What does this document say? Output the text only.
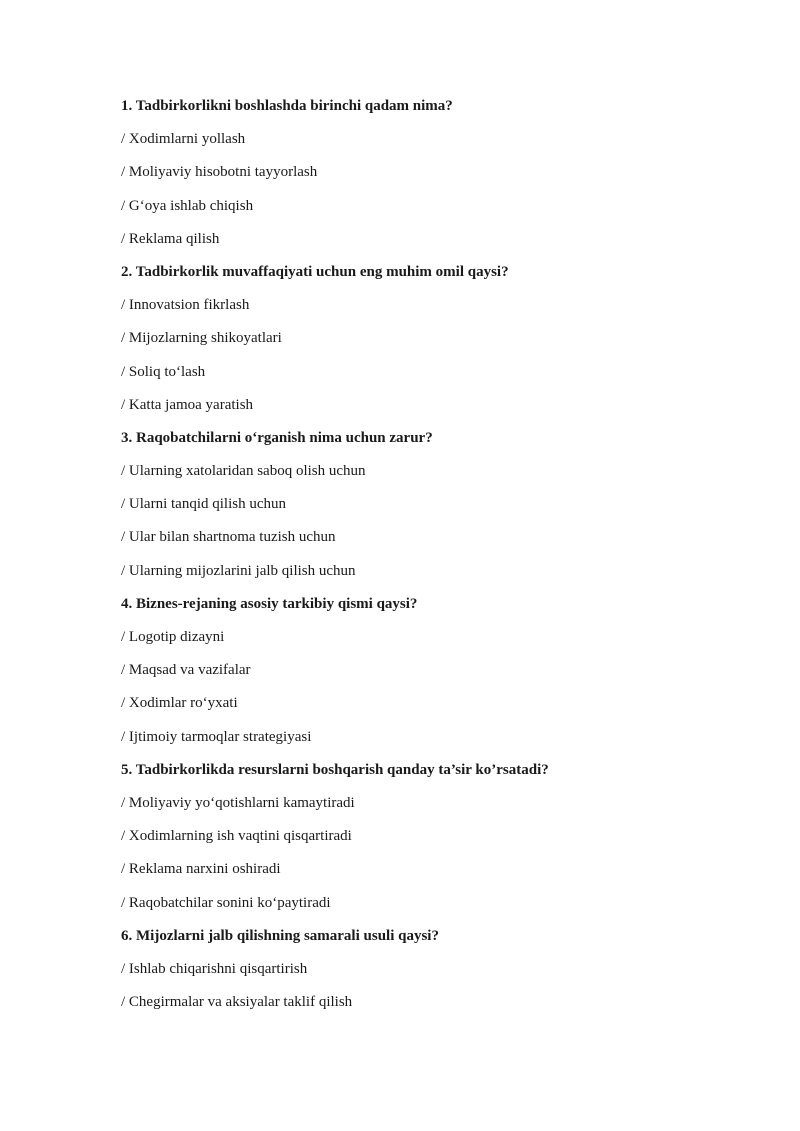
1. Tadbirkorlikni boshlashda birinchi qadam nima?
/ Xodimlarni yollash
/ Moliyaviy hisobotni tayyorlash
/ G‘oya ishlab chiqish
/ Reklama qilish
2. Tadbirkorlik muvaffaqiyati uchun eng muhim omil qaysi?
/ Innovatsion fikrlash
/ Mijozlarning shikoyatlari
/ Soliq to‘lash
/ Katta jamoa yaratish
3. Raqobatchilarni o‘rganish nima uchun zarur?
/ Ularning xatolaridan saboq olish uchun
/ Ularni tanqid qilish uchun
/ Ular bilan shartnoma tuzish uchun
/ Ularning mijozlarini jalb qilish uchun
4. Biznes-rejaning asosiy tarkibiy qismi qaysi?
/ Logotip dizayni
/ Maqsad va vazifalar
/ Xodimlar ro‘yxati
/ Ijtimoiy tarmoqlar strategiyasi
5. Tadbirkorlikda resurslarni boshqarish qanday ta’sir ko’rsatadi?
/ Moliyaviy yo‘qotishlarni kamaytiradi
/ Xodimlarning ish vaqtini qisqartiradi
/ Reklama narxini oshiradi
/ Raqobatchilar sonini ko‘paytiradi
6. Mijozlarni jalb qilishning samarali usuli qaysi?
/ Ishlab chiqarishni qisqartirish
/ Chegirmalar va aksiyalar taklif qilish
